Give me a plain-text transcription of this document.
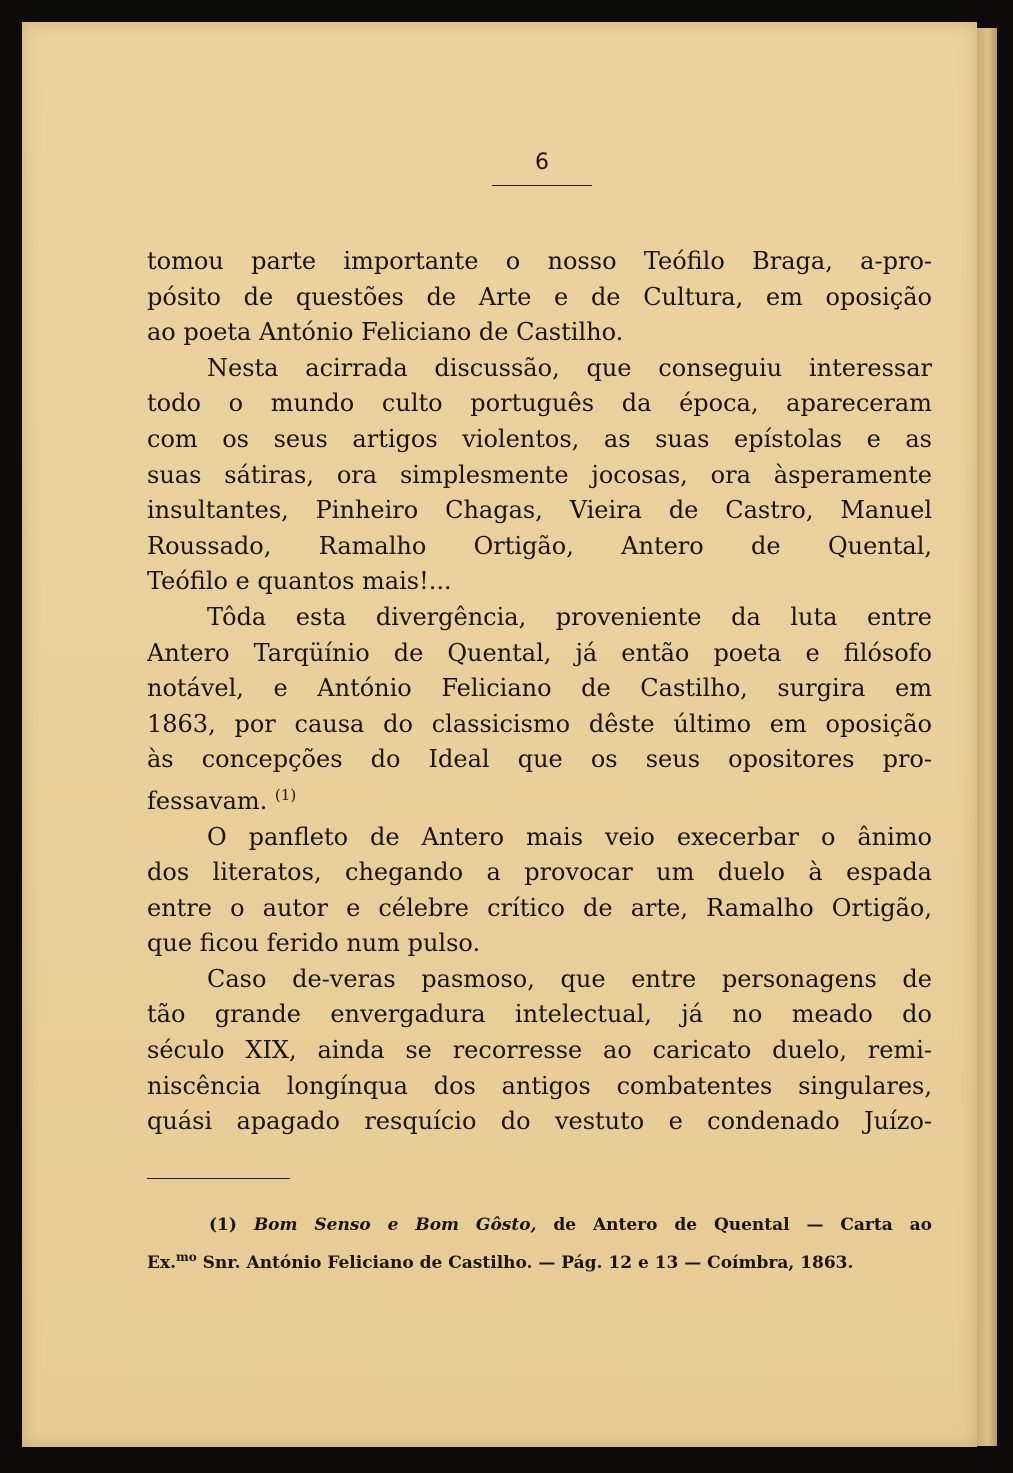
6
tomou parte importante o nosso Teófilo Braga, a-pro-
pósito de questões de Arte e de Cultura, em oposição
ao poeta António Feliciano de Castilho.
Nesta acirrada discussão, que conseguiu interessar
todo o mundo culto português da época, apareceram
com os seus artigos violentos, as suas epístolas e as
suas sátiras, ora simplesmente jocosas, ora àsperamente
insultantes, Pinheiro Chagas, Vieira de Castro, Manuel
Roussado, Ramalho Ortigão, Antero de Quental,
Teófilo e quantos mais!...
Tôda esta divergência, proveniente da luta entre
Antero Tarqüínio de Quental, já então poeta e filósofo
notável, e António Feliciano de Castilho, surgira em
1863, por causa do classicismo dêste último em oposição
às concepções do Ideal que os seus opositores pro-
fessavam. $^{(1)}$
O panfleto de Antero mais veio execerbar o ânimo
dos literatos, chegando a provocar um duelo à espada
entre o autor e célebre crítico de arte, Ramalho Ortigão,
que ficou ferido num pulso.
Caso de-veras pasmoso, que entre personagens de
tão grande envergadura intelectual, já no meado do
século XIX, ainda se recorresse ao caricato duelo, remi-
niscência longínqua dos antigos combatentes singulares,
quási apagado resquício do vestuto e condenado Juízo-
(1) Bom Senso e Bom Gôsto, de Antero de Quental — Carta ao
Ex.$^{mo}$ Snr. António Feliciano de Castilho. — Pág. 12 e 13 — Coímbra, 1863.
